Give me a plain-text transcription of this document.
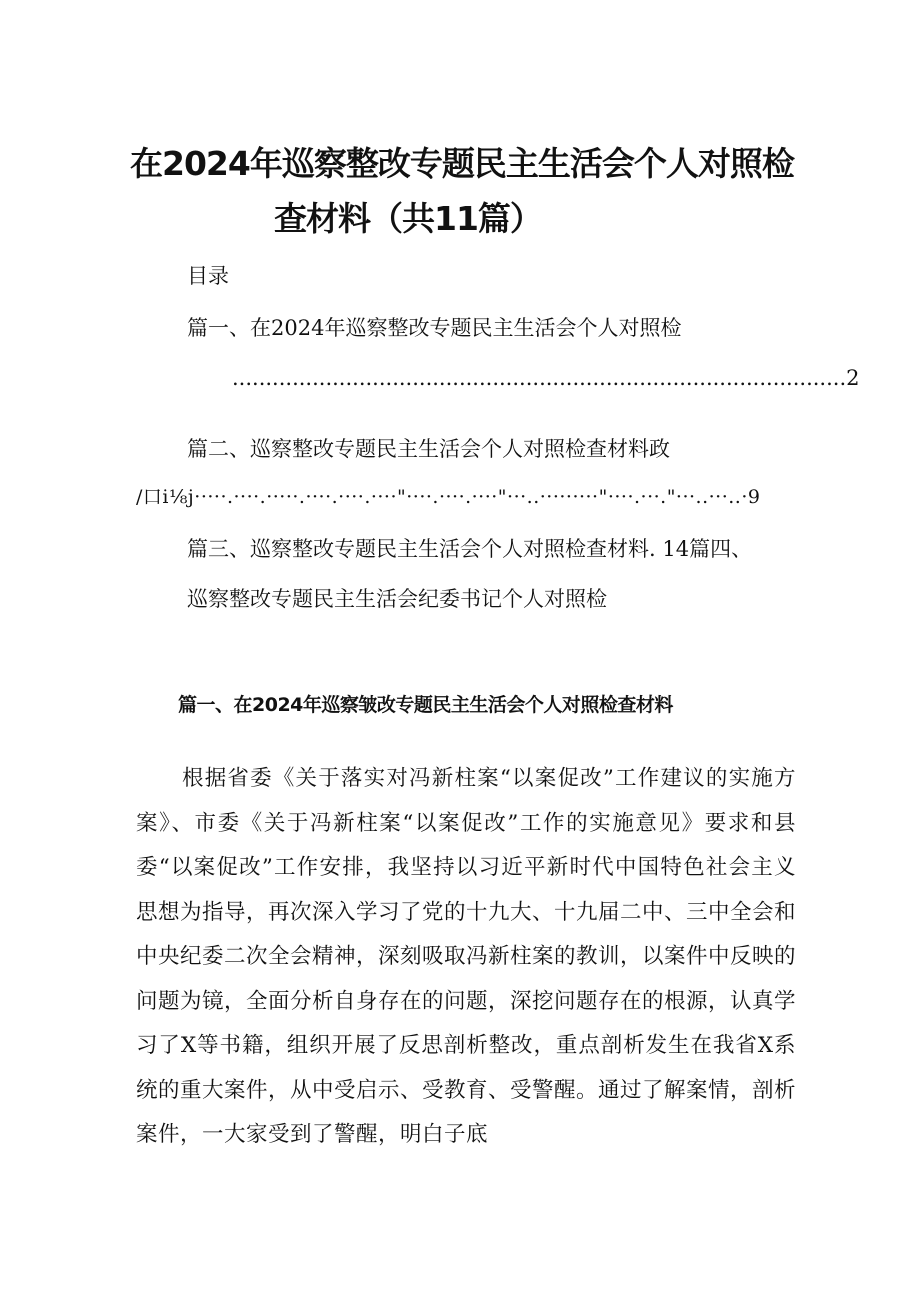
在2024年巡察整改专题民主生活会个人对照检
查材料（共11篇）
目录
篇一、在2024年巡察整改专题民主生活会个人对照检
............................................................................................2
篇二、巡察整改专题民主生活会个人对照检查材料政
/口i⅛j·····.····.·····.····.····.····"····.····.····"···..·········"····.···."···..···..·9
篇三、巡察整改专题民主生活会个人对照检查材料. 14篇四、
巡察整改专题民主生活会纪委书记个人对照检
篇一、在2024年巡察皱改专题民主生活会个人对照检查材料
根据省委《关于落实对冯新柱案“以案促改”工作建议的实施方案》、市委《关于冯新柱案“以案促改”工作的实施意见》要求和县委“以案促改”工作安排，我坚持以习近平新时代中国特色社会主义思想为指导，再次深入学习了党的十九大、十九届二中、三中全会和中央纪委二次全会精神，深刻吸取冯新柱案的教训，以案件中反映的问题为镜，全面分析自身存在的问题，深挖问题存在的根源，认真学习了X等书籍，组织开展了反思剖析整改，重点剖析发生在我省X系统的重大案件，从中受启示、受教育、受警醒。通过了解案情，剖析案件，一大家受到了警醒，明白子底
